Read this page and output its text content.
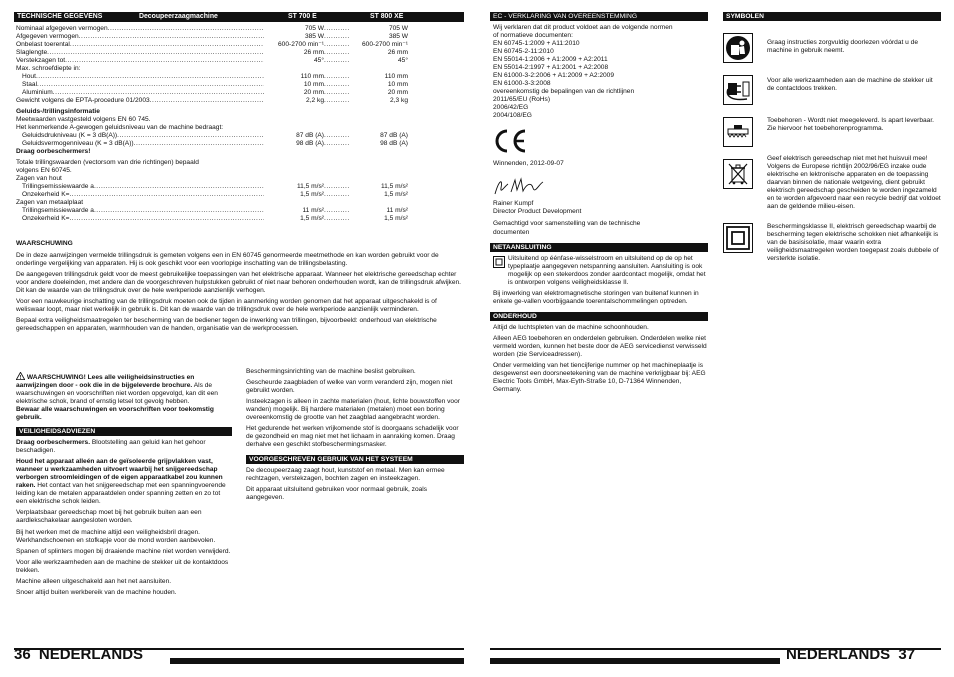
TECHNISCHE GEGEVENS	Decoupeerzaagmachine	ST 700 E	ST 800 XE
Nominaal afgegeven vermogen .....	705 W .....	705 W
Afgegeven vermogen .....	385 W .....	385 W
Onbelast toerental .....	600-2700 min⁻¹ .....	600-2700 min⁻¹
Slaglengte .....	26 mm .....	26 mm
Verstekzagen tot .....	45° .....	45°
Max. schroefdiepte in:
Hout .....	110 mm .....	110 mm
Staal .....	10 mm .....	10 mm
Aluminium .....	20 mm .....	20 mm
Gewicht volgens de EPTA-procedure 01/2003 .....	2,2 kg .....	2,3 kg
Geluids-/trillingsinformatie
Meetwaarden vastgesteld volgens EN 60 745.
Het kenmerkende A-gewogen geluidsniveau van de machine bedraagt:
Geluidsdrukniveau (K = 3 dB(A)) .....	87 dB (A) .....	87 dB (A)
Geluidsvermogenniveau (K = 3 dB(A)) .....	98 dB (A) .....	98 dB (A)
Draag oorbeschermers!
Totale trillingswaarden (vectorsom van drie richtingen) bepaald volgens EN 60745.
Zagen van hout
Trillingsemissiewaarde a .....	11,5 m/s² .....	11,5 m/s²
Onzekerheid K= .....	1,5 m/s² .....	1,5 m/s²
Zagen van metaalplaat
Trillingsemissiewaarde a .....	11 m/s² .....	11 m/s²
Onzekerheid K= .....	1,5 m/s² .....	1,5 m/s²
WAARSCHUWING

De in deze aanwijzingen vermelde trillingsdruk is gemeten volgens een in EN 60745 genormeerde meetmethode en kan worden gebruikt voor de onderlinge vergelijking van apparaten. Hij is ook geschikt voor een voorlopige inschatting van de trillingsbelasting.

De aangegeven trillingsdruk geldt voor de meest gebruikelijke toepassingen van het elektrische apparaat. Wanneer het elektrische gereedschap echter voor andere doeleinden, met andere dan de voorgeschreven hulpstukken gebruikt of niet naar behoren onderhouden wordt, kan de trillingsdruk afwijken. Dit kan de waarde van de trillingsdruk over de hele werkperiode aanzienlijk verhogen.

Voor een nauwkeurige inschatting van de trillingsdruk moeten ook de tijden in aanmerking worden genomen dat het apparaat uitgeschakeld is of weliswaar loopt, maar niet werkelijk in gebruik is. Dit kan de waarde van de trillingsdruk over de hele werkperiode aanzienlijk verminderen.

Bepaal extra veiligheidsmaatregelen ter bescherming van de bediener tegen de inwerking van trillingen, bijvoorbeeld: onderhoud van elektrische gereedschappen en apparaten, warmhouden van de handen, organisatie van de werkprocessen.

! WAARSCHUWING! Lees alle veiligheidsinstructies en aanwijzingen door - ook die in de bijgeleverde brochure. Als de waarschuwingen en voorschriften niet worden opgevolgd, kan dit een elektrische schok, brand of ernstig letsel tot gevolg hebben.
Bewaar alle waarschuwingen en voorschriften voor toekomstig gebruik.

VEILIGHEIDSADVIEZEN

Draag oorbeschermers. Blootstelling aan geluid kan het gehoor beschadigen.

Houd het apparaat alleén aan de geïsoleerde grijpvlakken vast, wanneer u werkzaamheden uitvoert waarbij het snijgereedschap verborgen stroomleidingen of de eigen apparaatkabel zou kunnen raken. Het contact van het snijgereedschap met een spanningvoerende leiding kan de metalen apparaatdelen onder spanning zetten en zo tot een elektrische schok leiden.

Verplaatsbaar gereedschap moet bij het gebruik buiten aan een aardlekschakelaar aangesloten worden.

Bij het werken met de machine altijd een veiligheidsbril dragen. Werkhandschoenen en stofkapje voor de mond worden aanbevolen.

Spanen of splinters mogen bij draaiende machine niet worden verwijderd.

Voor alle werkzaamheden aan de machine de stekker uit de kontaktdoos trekken.

Machine alleen uitgeschakeld aan het net aansluiten.

Snoer altijd buiten werkbereik van de machine houden.

Beschermingsinrichting van de machine beslist gebruiken.

Gescheurde zaagbladen of welke van vorm veranderd zijn, mogen niet gebruikt worden.

Insteekzagen is alleen in zachte materialen (hout, lichte bouwstoffen voor wanden) mogelijk. Bij hardere materialen (metalen) moet een boring overeenkomstig de grootte van het zaagblad aangebracht worden.

Het gedurende het werken vrijkomende stof is doorgaans schadelijk voor de gezondheid en mag niet met het lichaam in aanraking komen. Draag derhalve een geschikt stofbeschermingsmasker.

VOORGESCHREVEN GEBRUIK VAN HET SYSTEEM

De decoupeerzaag zaagt hout, kunststof en metaal. Men kan ermee rechtzagen, verstekzagen, bochten zagen en insteekzagen.

Dit apparaat uitsluitend gebruiken voor normaal gebruik, zoals aangegeven.

36 NEDERLANDS
EC - VERKLARING VAN OVEREENSTEMMING
Wij verklaren dat dit product voldoet aan de volgende normen
of normatieve documenten:
EN 60745-1:2009 + A11:2010
EN 60745-2-11:2010
EN 55014-1:2006 + A1:2009 + A2:2011
EN 55014-2:1997 + A1:2001 + A2:2008
EN 61000-3-2:2006 + A1:2009 + A2:2009
EN 61000-3-3:2008
overeenkomstig de bepalingen van de richtlijnen
2011/65/EU (RoHs)
2006/42/EG
2004/108/EG
Winnenden, 2012-09-07
Rainer Kumpf
Director Product Development
Gemachtigd voor samenstelling van de technische documenten
NETAANSLUITING

Uitsluitend op éénfase-wisselstroom en uitsluitend op de op het typeplaatje aangegeven netspanning aansluiten. Aansluiting is ook mogelijk op een stekerdoos zonder aardcontact mogelijk, omdat het is ontworpen volgens veiligheidsklasse II.

Bij inwerking van elektromagnetische storingen van buitenaf kunnen in enkele ge-vallen voorbijgaande toerentalschommelingen optreden.

ONDERHOUD

Altijd de luchtspleten van de machine schoonhouden.

Alleen AEG toebehoren en onderdelen gebruiken. Onderdelen welke niet vermeld worden, kunnen het beste door de AEG servicedienst verwisseld worden (zie Serviceadressen).

Onder vermelding van het tiencijferige nummer op het machineplaatje is desgewenst een doorsneetekening van de machine verkrijgbaar bij: AEG Electric Tools GmbH, Max-Eyth-Straße 10, D-71364 Winnenden, Germany.

SYMBOLEN
Graag instructies zorgvuldig doorlezen vóórdat u de machine in gebruik neemt.
Voor alle werkzaamheden aan de machine de stekker uit de contactdoos trekken.
Toebehoren - Wordt niet meegeleverd. Is apart leverbaar. Zie hiervoor het toebehorenprogramma.
Geef elektrisch gereedschap niet met het huisvuil mee! Volgens de Europese richtlijn 2002/96/EG inzake oude elektrische en lektronische apparaten en de toepassing daarvan binnen de nationale wetgeving, dient gebruikt elektrisch gereedschap gescheiden te worden ingezameld en te worden afgevoerd naar een recycle bedrijf dat voldoet aan de geldende milieu-eisen.
Beschermingsklasse II, elektrisch gereedschap waarbij de bescherming tegen elektrische schokken niet afhankelijk is van de basisisolatie, maar waarin extra veiligheidsmaatregelen worden toegepast zoals dubbele of versterkte isolatie.
NEDERLANDS 37
